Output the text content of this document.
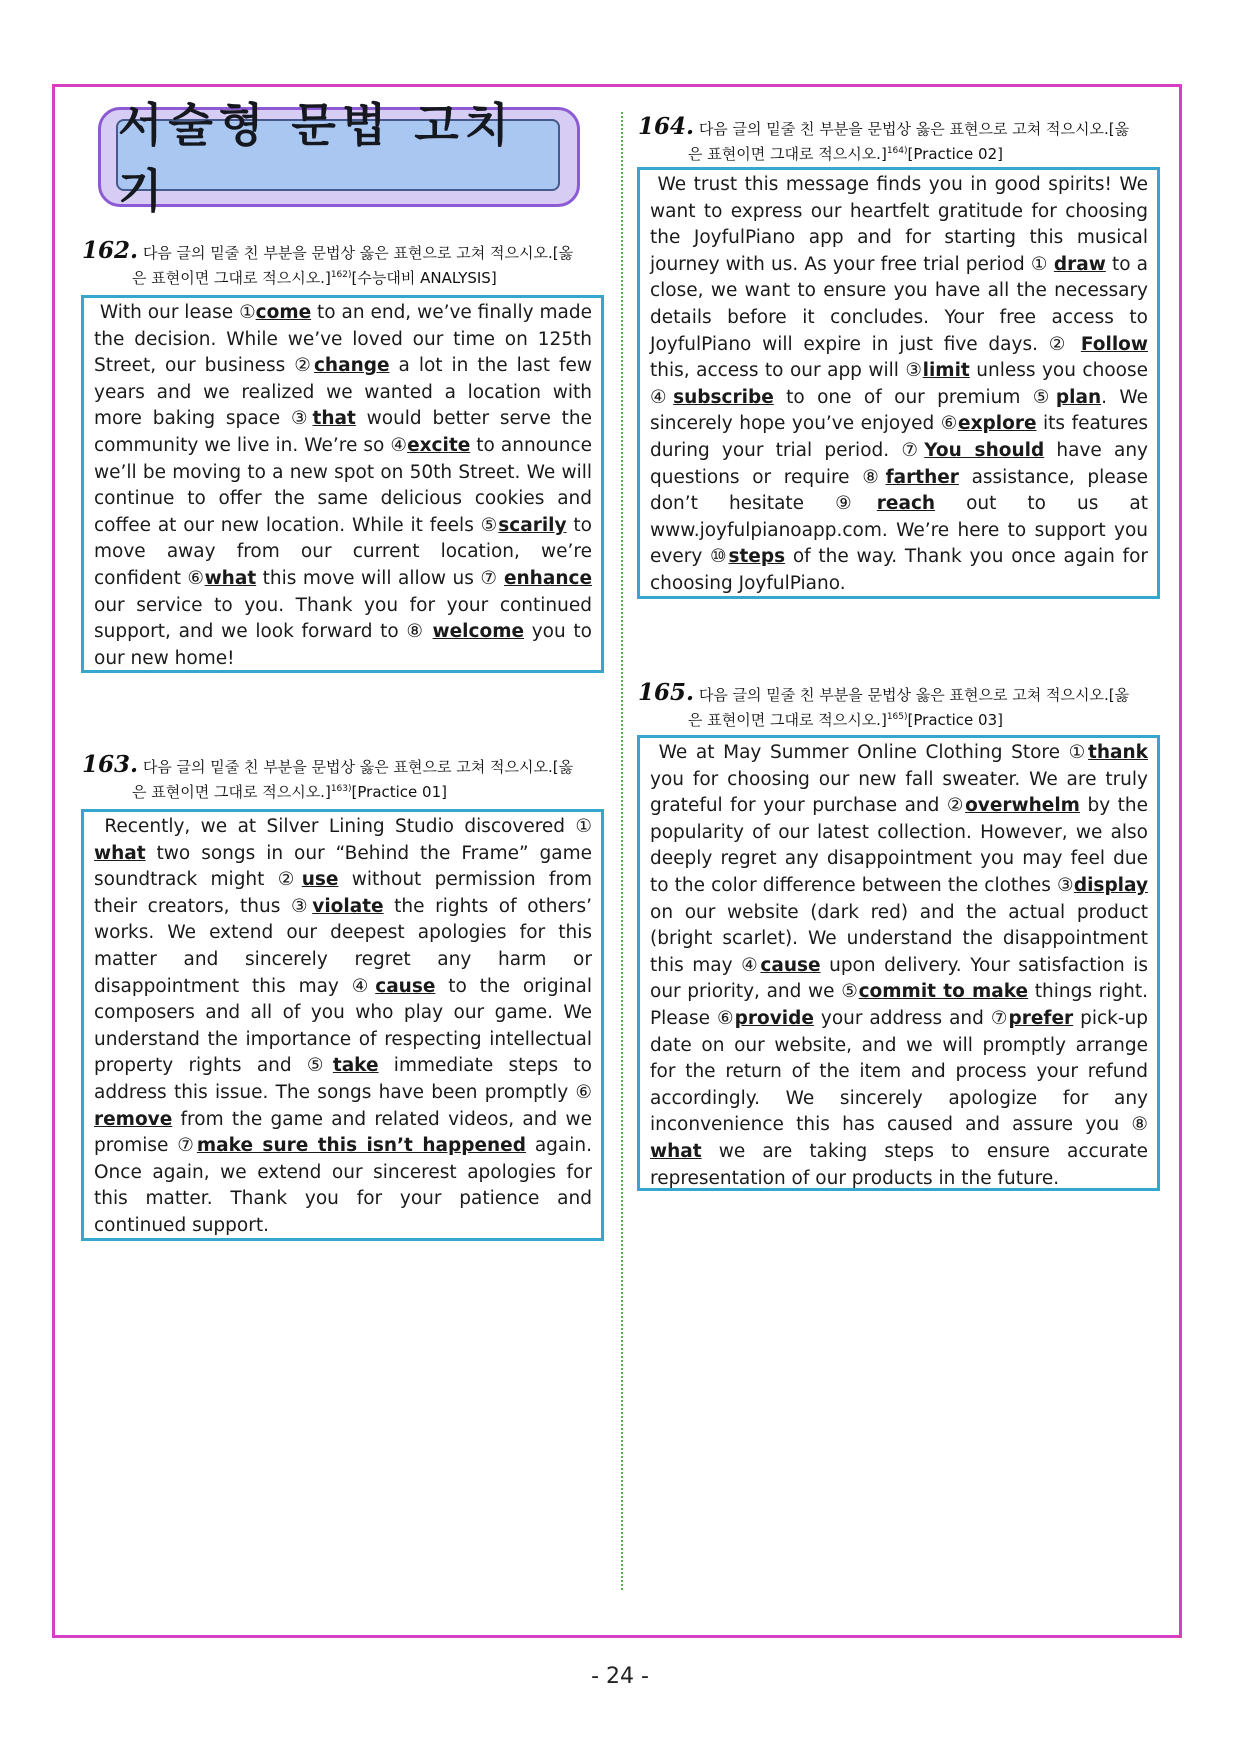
서술형 문법 고치기
162. 다음 글의 밑줄 친 부분을 문법상 옳은 표현으로 고쳐 적으시오.[옳
은 표현이면 그대로 적으시오.]$^{162)}$[수능대비 ANALYSIS]
With our lease ①come to an end, we’ve finally made the decision. While we’ve loved our time on 125th Street, our business ②change a lot in the last few years and we realized we wanted a location with more baking space ③that would better serve the community we live in. We’re so ④excite to announce we’ll be moving to a new spot on 50th Street. We will continue to offer the same delicious cookies and coffee at our new location. While it feels ⑤scarily to move away from our current location, we’re confident ⑥what this move will allow us ⑦ enhance our service to you. Thank you for your continued support, and we look forward to ⑧ welcome you to our new home!
163. 다음 글의 밑줄 친 부분을 문법상 옳은 표현으로 고쳐 적으시오.[옳
은 표현이면 그대로 적으시오.]$^{163)}$[Practice 01]
Recently, we at Silver Lining Studio discovered ① what two songs in our “Behind the Frame” game soundtrack might ②use without permission from their creators, thus ③violate the rights of others’ works. We extend our deepest apologies for this matter and sincerely regret any harm or disappointment this may ④cause to the original composers and all of you who play our game. We understand the importance of respecting intellectual property rights and ⑤take immediate steps to address this issue. The songs have been promptly ⑥ remove from the game and related videos, and we promise ⑦make sure this isn’t happened again. Once again, we extend our sincerest apologies for this matter. Thank you for your patience and continued support.
164. 다음 글의 밑줄 친 부분을 문법상 옳은 표현으로 고쳐 적으시오.[옳
은 표현이면 그대로 적으시오.]$^{164)}$[Practice 02]
We trust this message finds you in good spirits! We want to express our heartfelt gratitude for choosing the JoyfulPiano app and for starting this musical journey with us. As your free trial period ① draw to a close, we want to ensure you have all the necessary details before it concludes. Your free access to JoyfulPiano will expire in just five days. ② Follow this, access to our app will ③limit unless you choose ④subscribe to one of our premium ⑤plan. We sincerely hope you’ve enjoyed ⑥explore its features during your trial period. ⑦You should have any questions or require ⑧farther assistance, please don’t hesitate ⑨reach out to us at www.joyfulpianoapp.com. We’re here to support you every ⑩steps of the way. Thank you once again for choosing JoyfulPiano.
165. 다음 글의 밑줄 친 부분을 문법상 옳은 표현으로 고쳐 적으시오.[옳
은 표현이면 그대로 적으시오.]$^{165)}$[Practice 03]
We at May Summer Online Clothing Store ①thank you for choosing our new fall sweater. We are truly grateful for your purchase and ②overwhelm by the popularity of our latest collection. However, we also deeply regret any disappointment you may feel due to the color difference between the clothes ③display on our website (dark red) and the actual product (bright scarlet). We understand the disappointment this may ④cause upon delivery. Your satisfaction is our priority, and we ⑤commit to make things right. Please ⑥provide your address and ⑦prefer pick-up date on our website, and we will promptly arrange for the return of the item and process your refund accordingly. We sincerely apologize for any inconvenience this has caused and assure you ⑧ what we are taking steps to ensure accurate representation of our products in the future.
- 24 -
